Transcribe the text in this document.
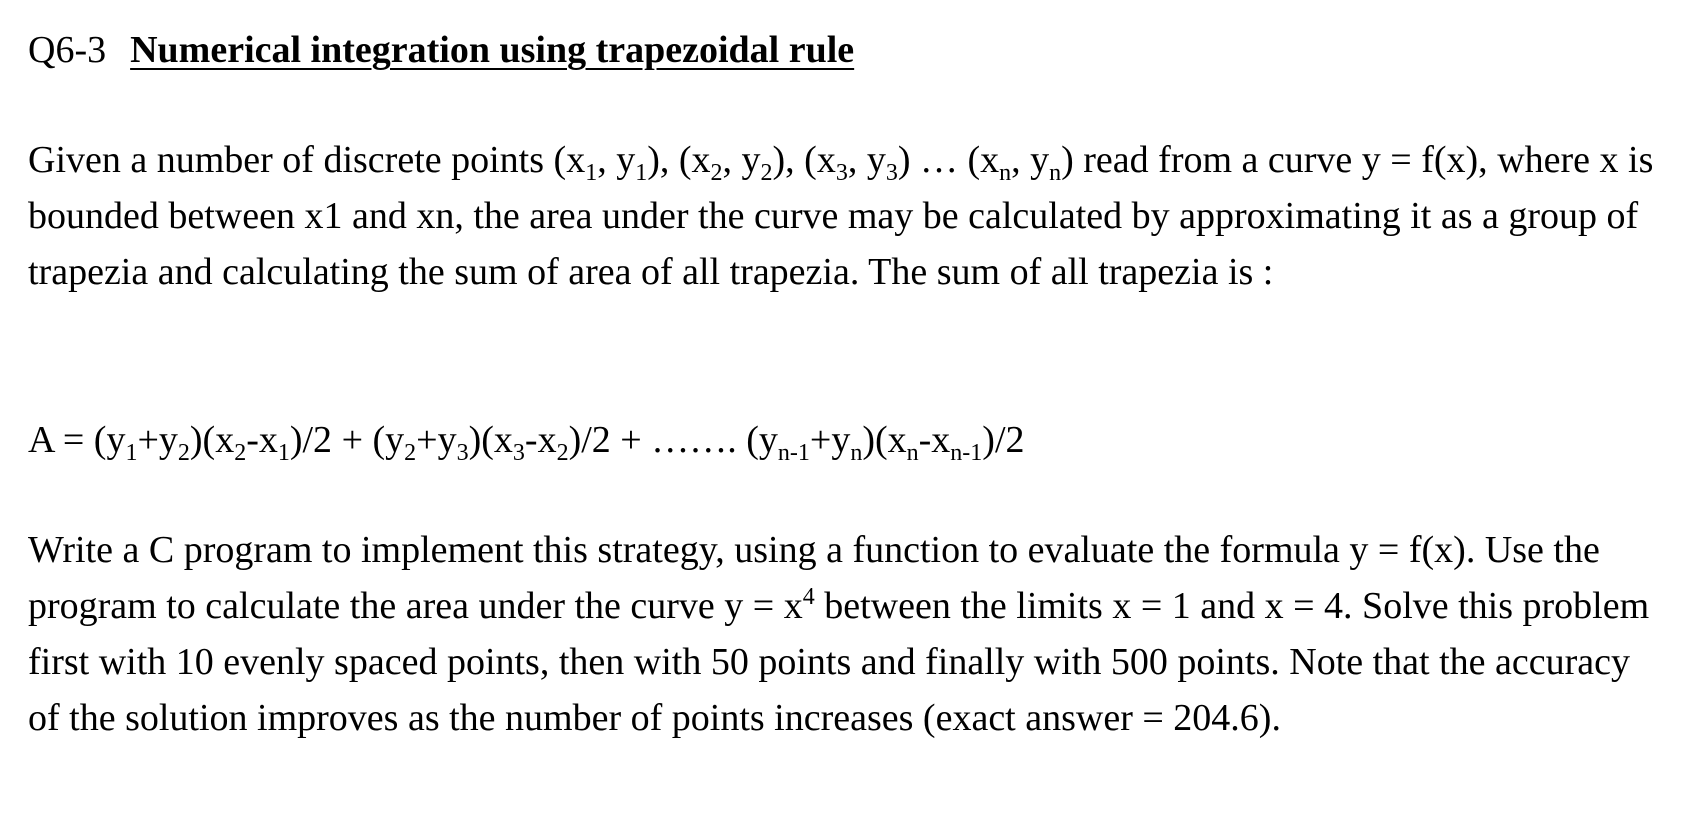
Q6-3 Numerical integration using trapezoidal rule

Given a number of discrete points ($x_1$, $y_1$), ($x_2$, $y_2$), ($x_3$, $y_3$) … ($x_n$, $y_n$) read from a curve y = f(x), where x is bounded between x1 and xn, the area under the curve may be calculated by approximating it as a group of trapezia and calculating the sum of area of all trapezia. The sum of all trapezia is :

$A = (y_1+y_2)(x_2-x_1)/2 + (y_2+y_3)(x_3-x_2)/2$ + ……. $(y_{n-1}+y_n)(x_n-x_{n-1})/2$

Write a C program to implement this strategy, using a function to evaluate the formula y = f(x). Use the program to calculate the area under the curve $y = x^4$ between the limits x = 1 and x = 4. Solve this problem first with 10 evenly spaced points, then with 50 points and finally with 500 points. Note that the accuracy of the solution improves as the number of points increases (exact answer = 204.6).
